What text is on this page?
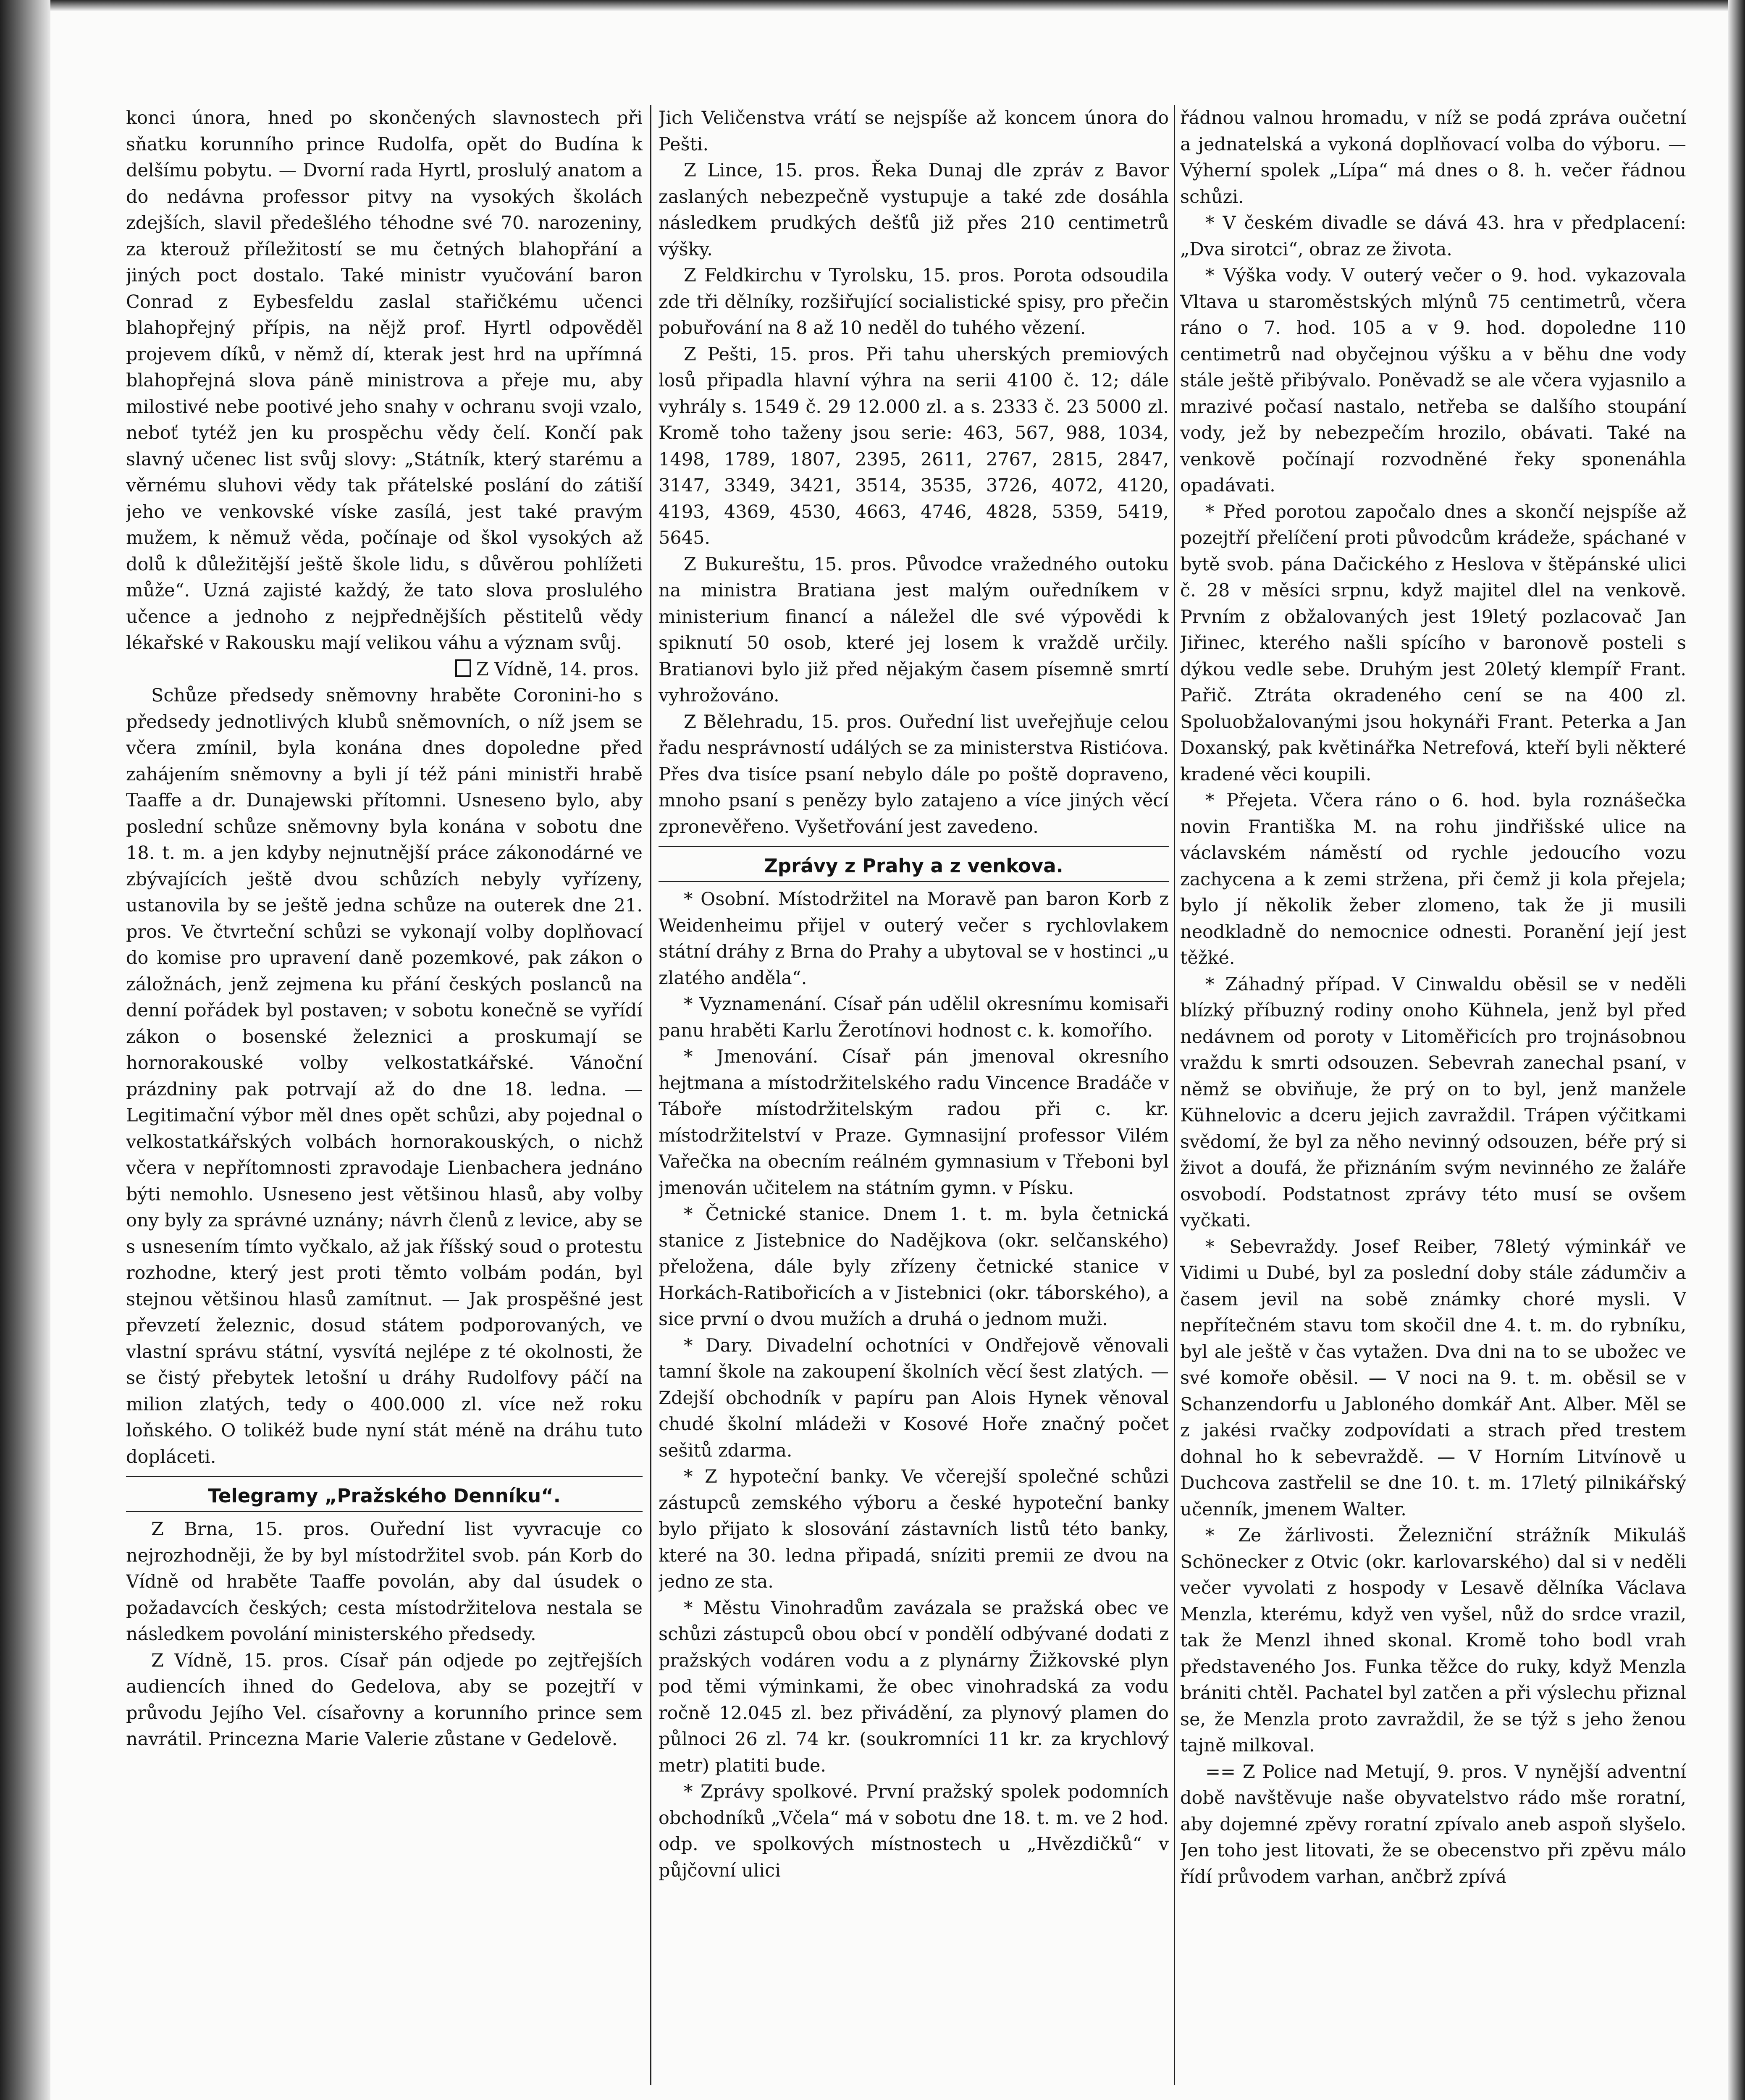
konci února, hned po skončených slavnostech při sňatku korunního prince Rudolfa, opět do Budína k delšímu pobytu. — Dvorní rada Hyrtl, proslulý anatom a do nedávna professor pitvy na vysokých školách zdejších, slavil předešlého téhodne své 70. narozeniny, za kterouž příležitostí se mu četných blahopřání a jiných poct dostalo. Také ministr vyučování baron Conrad z Eybesfeldu zaslal stařičkému učenci blahopřejný přípis, na nějž prof. Hyrtl odpověděl projevem díků, v němž dí, kterak jest hrd na upřímná blahopřejná slova páně ministrova a přeje mu, aby milostivé nebe pootivé jeho snahy v ochranu svoji vzalo, neboť tytéž jen ku prospěchu vědy čelí. Končí pak slavný učenec list svůj slovy: „Státník, který starému a věrnému sluhovi vědy tak přátelské poslání do zátiší jeho ve venkovské víske zasílá, jest také pravým mužem, k němuž věda, počínaje od škol vysokých až dolů k důležitější ještě škole lidu, s důvěrou pohlížeti může“. Uzná zajisté každý, že tato slova proslulého učence a jednoho z nejpřednějších pěstitelů vědy lékařské v Rakousku mají velikou váhu a význam svůj.

Z Vídně, 14. pros.

Schůze předsedy sněmovny hraběte Coronini-ho s předsedy jednotlivých klubů sněmovních, o níž jsem se včera zmínil, byla konána dnes dopoledne před zahájením sněmovny a byli jí též páni ministři hrabě Taaffe a dr. Dunajewski přítomni. Usneseno bylo, aby poslední schůze sněmovny byla konána v sobotu dne 18. t. m. a jen kdyby nejnutnější práce zákonodárné ve zbývajících ještě dvou schůzích nebyly vyřízeny, ustanovila by se ještě jedna schůze na outerek dne 21. pros. Ve čtvrteční schůzi se vykonají volby doplňovací do komise pro upravení daně pozemkové, pak zákon o záložnách, jenž zejmena ku přání českých poslanců na denní pořádek byl postaven; v sobotu konečně se vyřídí zákon o bosenské železnici a proskumají se hornorakouské volby velkostatkářské. Vánoční prázdniny pak potrvají až do dne 18. ledna. — Legitimační výbor měl dnes opět schůzi, aby pojednal o velkostatkářských volbách hornorakouských, o nichž včera v nepřítomnosti zpravodaje Lienbachera jednáno býti nemohlo. Usneseno jest většinou hlasů, aby volby ony byly za správné uznány; návrh členů z levice, aby se s usnesením tímto vyčkalo, až jak říšský soud o protestu rozhodne, který jest proti těmto volbám podán, byl stejnou většinou hlasů zamítnut. — Jak prospěšné jest převzetí železnic, dosud státem podporovaných, ve vlastní správu státní, vysvítá nejlépe z té okolnosti, že se čistý přebytek letošní u dráhy Rudolfovy páčí na milion zlatých, tedy o 400.000 zl. více než roku loňského. O tolikéž bude nyní stát méně na dráhu tuto dopláceti.

Telegramy „Pražského Denníku“.

Z Brna, 15. pros. Ouřední list vyvracuje co nejrozhodněji, že by byl místodržitel svob. pán Korb do Vídně od hraběte Taaffe povolán, aby dal úsudek o požadavcích českých; cesta místodržitelova nestala se následkem povolání ministerského předsedy.

Z Vídně, 15. pros. Císař pán odjede po zejtřejších audiencích ihned do Gedelova, aby se pozejtří v průvodu Jejího Vel. císařovny a korunního prince sem navrátil. Princezna Marie Valerie zůstane v Gedelově.

Jich Veličenstva vrátí se nejspíše až koncem února do Pešti.

Z Lince, 15. pros. Řeka Dunaj dle zpráv z Bavor zaslaných nebezpečně vystupuje a také zde dosáhla následkem prudkých dešťů již přes 210 centimetrů výšky.

Z Feldkirchu v Tyrolsku, 15. pros. Porota odsoudila zde tři dělníky, rozšiřující socialistické spisy, pro přečin pobuřování na 8 až 10 neděl do tuhého vězení.

Z Pešti, 15. pros. Při tahu uherských premiových losů připadla hlavní výhra na serii 4100 č. 12; dále vyhrály s. 1549 č. 29 12.000 zl. a s. 2333 č. 23 5000 zl. Kromě toho taženy jsou serie: 463, 567, 988, 1034, 1498, 1789, 1807, 2395, 2611, 2767, 2815, 2847, 3147, 3349, 3421, 3514, 3535, 3726, 4072, 4120, 4193, 4369, 4530, 4663, 4746, 4828, 5359, 5419, 5645.

Z Bukureštu, 15. pros. Původce vražedného outoku na ministra Bratiana jest malým ouředníkem v ministerium financí a náležel dle své výpovědi k spiknutí 50 osob, které jej losem k vraždě určily. Bratianovi bylo již před nějakým časem písemně smrtí vyhrožováno.

Z Bělehradu, 15. pros. Ouřední list uveřejňuje celou řadu nesprávností událých se za ministerstva Ristićova. Přes dva tisíce psaní nebylo dále po poště dopraveno, mnoho psaní s penězy bylo zatajeno a více jiných věcí zpronevěřeno. Vyšetřování jest zavedeno.

Zprávy z Prahy a z venkova.

* Osobní. Místodržitel na Moravě pan baron Korb z Weidenheimu přijel v outerý večer s rychlovlakem státní dráhy z Brna do Prahy a ubytoval se v hostinci „u zlatého anděla“.

* Vyznamenání. Císař pán udělil okresnímu komisaři panu hraběti Karlu Žerotínovi hodnost c. k. komořího.

* Jmenování. Císař pán jmenoval okresního hejtmana a místodržitelského radu Vincence Bradáče v Táboře místodržitelským radou při c. kr. místodržitelství v Praze. Gymnasijní professor Vilém Vařečka na obecním reálném gymnasium v Třeboni byl jmenován učitelem na státním gymn. v Písku.

* Četnické stanice. Dnem 1. t. m. byla četnická stanice z Jistebnice do Nadějkova (okr. selčanského) přeložena, dále byly zřízeny četnické stanice v Horkách-Ratibořicích a v Jistebnici (okr. táborského), a sice první o dvou mužích a druhá o jednom muži.

* Dary. Divadelní ochotníci v Ondřejově věnovali tamní škole na zakoupení školních věcí šest zlatých. — Zdejší obchodník v papíru pan Alois Hynek věnoval chudé školní mládeži v Kosové Hoře značný počet sešitů zdarma.

* Z hypoteční banky. Ve včerejší společné schůzi zástupců zemského výboru a české hypoteční banky bylo přijato k slosování zástavních listů této banky, které na 30. ledna připadá, sníziti premii ze dvou na jedno ze sta.

* Městu Vinohradům zavázala se pražská obec ve schůzi zástupců obou obcí v pondělí odbývané dodati z pražských vodáren vodu a z plynárny Žižkovské plyn pod těmi výminkami, že obec vinohradská za vodu ročně 12.045 zl. bez přivádění, za plynový plamen do půlnoci 26 zl. 74 kr. (soukromníci 11 kr. za krychlový metr) platiti bude.

* Zprávy spolkové. První pražský spolek podomních obchodníků „Včela“ má v sobotu dne 18. t. m. ve 2 hod. odp. ve spolkových místnostech u „Hvězdičků“ v půjčovní ulici

řádnou valnou hromadu, v níž se podá zpráva oučetní a jednatelská a vykoná doplňovací volba do výboru. — Výherní spolek „Lípa“ má dnes o 8. h. večer řádnou schůzi.

* V českém divadle se dává 43. hra v předplacení: „Dva sirotci“, obraz ze života.

* Výška vody. V outerý večer o 9. hod. vykazovala Vltava u staroměstských mlýnů 75 centimetrů, včera ráno o 7. hod. 105 a v 9. hod. dopoledne 110 centimetrů nad obyčejnou výšku a v běhu dne vody stále ještě přibývalo. Poněvadž se ale včera vyjasnilo a mrazivé počasí nastalo, netřeba se dalšího stoupání vody, jež by nebezpečím hrozilo, obávati. Také na venkově počínají rozvodněné řeky sponenáhla opadávati.

* Před porotou započalo dnes a skončí nejspíše až pozejtří přelíčení proti původcům krádeže, spáchané v bytě svob. pána Dačického z Heslova v štěpánské ulici č. 28 v měsíci srpnu, když majitel dlel na venkově. Prvním z obžalovaných jest 19letý pozlacovač Jan Jiřinec, kterého našli spícího v baronově posteli s dýkou vedle sebe. Druhým jest 20letý klempíř Frant. Pařič. Ztráta okradeného cení se na 400 zl. Spoluobžalovanými jsou hokynáři Frant. Peterka a Jan Doxanský, pak květinářka Netrefová, kteří byli některé kradené věci koupili.

* Přejeta. Včera ráno o 6. hod. byla roznášečka novin Františka M. na rohu jindřišské ulice na václavském náměstí od rychle jedoucího vozu zachycena a k zemi stržena, při čemž ji kola přejela; bylo jí několik žeber zlomeno, tak že ji musili neodkladně do nemocnice odnesti. Poranění její jest těžké.

* Záhadný případ. V Cinwaldu oběsil se v neděli blízký příbuzný rodiny onoho Kühnela, jenž byl před nedávnem od poroty v Litoměřicích pro trojnásobnou vraždu k smrti odsouzen. Sebevrah zanechal psaní, v němž se obviňuje, že prý on to byl, jenž manžele Kühnelovic a dceru jejich zavraždil. Trápen výčitkami svědomí, že byl za něho nevinný odsouzen, béře prý si život a doufá, že přiznáním svým nevinného ze žaláře osvobodí. Podstatnost zprávy této musí se ovšem vyčkati.

* Sebevraždy. Josef Reiber, 78letý výminkář ve Vidimi u Dubé, byl za poslední doby stále zádumčiv a časem jevil na sobě známky choré mysli. V nepřítečném stavu tom skočil dne 4. t. m. do rybníku, byl ale ještě v čas vytažen. Dva dni na to se ubožec ve své komoře oběsil. — V noci na 9. t. m. oběsil se v Schanzendorfu u Jabloného domkář Ant. Alber. Měl se z jakési rvačky zodpovídati a strach před trestem dohnal ho k sebevraždě. — V Horním Litvínově u Duchcova zastřelil se dne 10. t. m. 17letý pilnikářský učenník, jmenem Walter.

* Ze žárlivosti. Železniční strážník Mikuláš Schönecker z Otvic (okr. karlovarského) dal si v neděli večer vyvolati z hospody v Lesavě dělníka Václava Menzla, kterému, když ven vyšel, nůž do srdce vrazil, tak že Menzl ihned skonal. Kromě toho bodl vrah představeného Jos. Funka těžce do ruky, když Menzla brániti chtěl. Pachatel byl zatčen a při výslechu přiznal se, že Menzla proto zavraždil, že se týž s jeho ženou tajně milkoval.

== Z Police nad Metují, 9. pros. V nynější adventní době navštěvuje naše obyvatelstvo rádo mše roratní, aby dojemné zpěvy roratní zpívalo aneb aspoň slyšelo. Jen toho jest litovati, že se obecenstvo při zpěvu málo řídí průvodem varhan, ančbrž zpívá
